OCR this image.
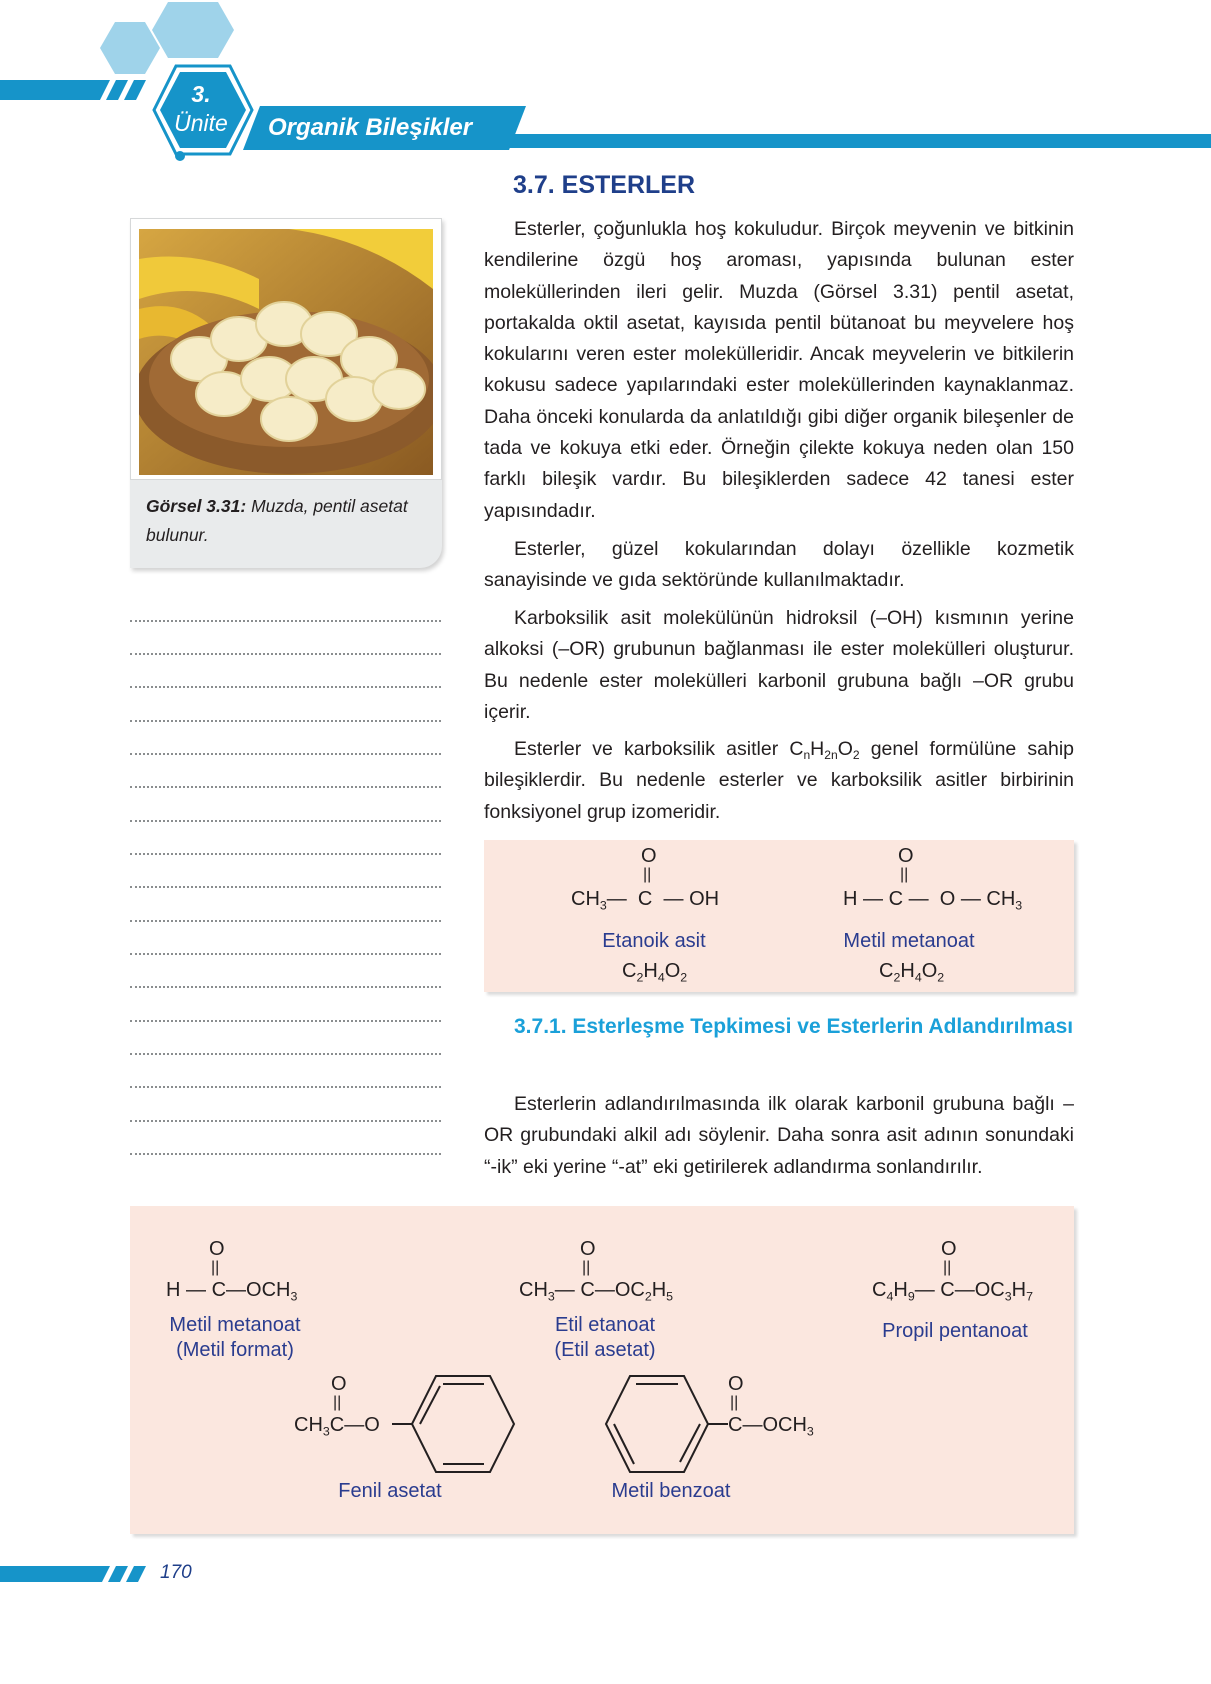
3.
Ünite	Organik Bileşikler
Görsel 3.31: Muzda, pentil asetat bulunur.
3.7. ESTERLER

Esterler, çoğunlukla hoş kokuludur. Birçok meyvenin ve bitkinin kendilerine özgü hoş aroması, yapısında bulunan ester moleküllerinden ileri gelir. Muzda (Görsel 3.31) pentil asetat, portakalda oktil asetat, kayısıda pentil bütanoat bu meyvelere hoş kokularını veren ester molekülleridir. Ancak meyvelerin ve bitkilerin kokusu sadece yapılarındaki ester moleküllerinden kaynaklanmaz. Daha önceki konularda da anlatıldığı gibi diğer organik bileşenler de tada ve kokuya etki eder. Örneğin çilekte kokuya neden olan 150 farklı bileşik vardır. Bu bileşiklerden sadece 42 tanesi ester yapısındadır.

Esterler, güzel kokularından dolayı özellikle kozmetik sanayisinde ve gıda sektöründe kullanılmaktadır.

Karboksilik asit molekülünün hidroksil (–OH) kısmının yerine alkoksi (–OR) grubunun bağlanması ile ester molekülleri oluşturur. Bu nedenle ester molekülleri karbonil grubuna bağlı –OR grubu içerir.

Esterler ve karboksilik asitler $C_nH_{2n}O_2$ genel formülüne sahip bileşiklerdir. Bu nedenle esterler ve karboksilik asitler birbirinin fonksiyonel grup izomeridir.

O
||
$CH_3—$ C — OH
Etanoik asit
$C_2H_4O_2$
O
||
H — C — O — $CH_3$
Metil metanoat
$C_2H_4O_2$
3.7.1. Esterleşme Tepkimesi ve Esterlerin Adlandırılması

Esterlerin adlandırılmasında ilk olarak karbonil grubuna bağlı –OR grubundaki alkil adı söylenir. Daha sonra asit adının sonundaki “-ik” eki yerine “-at” eki getirilerek adlandırma sonlandırılır.

O
||
H — $C—OCH_3$
Metil metanoat
(Metil format)
O
||
$CH_3—$ $C—OC_2H_5$
Etil etanoat
(Etil asetat)
O
||
$C_4H_9—$ $C—OC_3H_7$
Propil pentanoat
O
||
$CH_3C—O$
Fenil asetat
O
||
$C—OCH_3$
Metil benzoat
170
